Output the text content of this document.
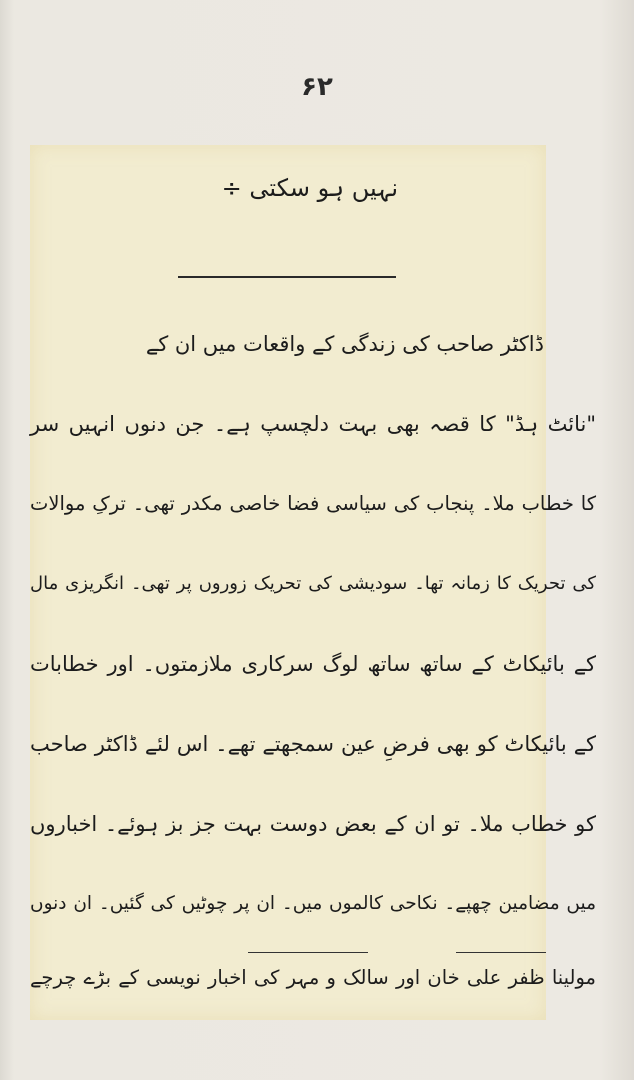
۶۲
نہیں ہو سکتی ÷
ڈاکٹر صاحب کی زندگی کے واقعات میں ان کے
"نائٹ ہڈ" کا قصہ بھی بہت دلچسپ ہے۔ جن دنوں انہیں سر
کا خطاب ملا۔ پنجاب کی سیاسی فضا خاصی مکدر تھی۔ ترکِ موالات
کی تحریک کا زمانہ تھا۔ سودیشی کی تحریک زوروں پر تھی۔ انگریزی مال
کے بائیکاٹ کے ساتھ ساتھ لوگ سرکاری ملازمتوں۔ اور خطابات
کے بائیکاٹ کو بھی فرضِ عین سمجھتے تھے۔ اس لئے ڈاکٹر صاحب
کو خطاب ملا۔ تو ان کے بعض دوست بہت جز بز ہوئے۔ اخباروں
میں مضامین چھپے۔ نکاحی کالموں میں۔ ان پر چوٹیں کی گئیں۔ ان دنوں
مولینا ظفر علی خان اور سالک و مہر کی اخبار نویسی کے بڑے چرچے
